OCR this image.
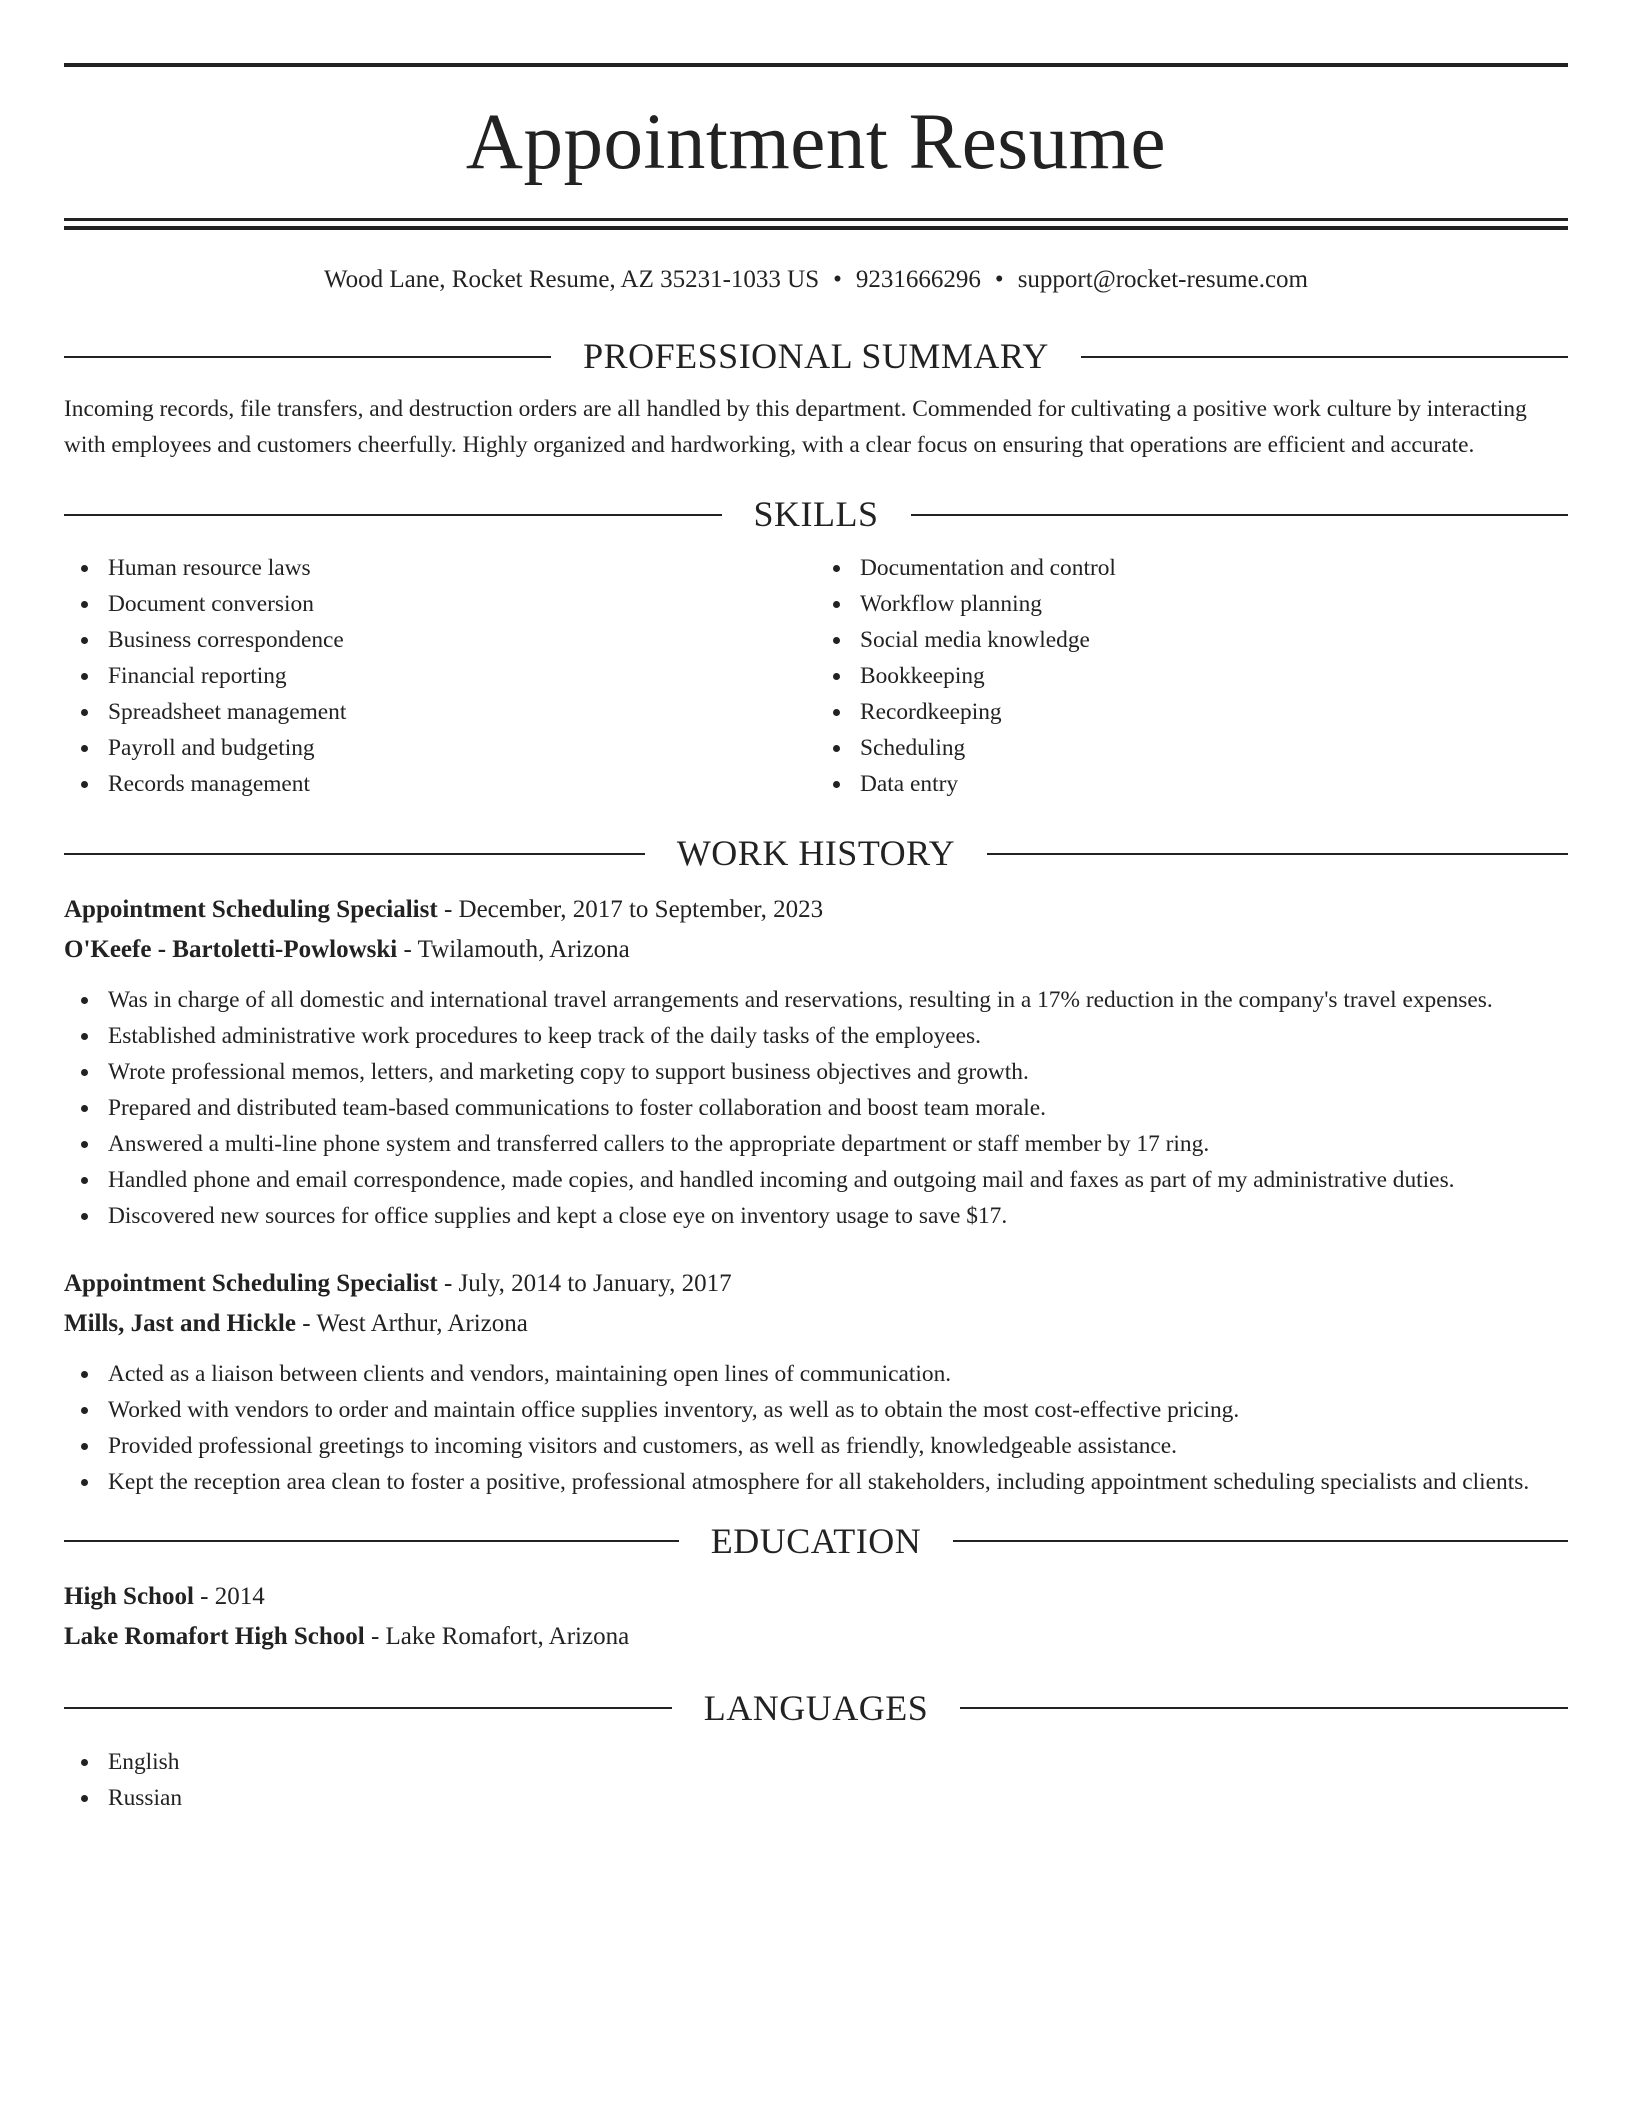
Appointment Resume
Wood Lane, Rocket Resume, AZ 35231-1033 US • 9231666296 • support@rocket-resume.com
PROFESSIONAL SUMMARY
Incoming records, file transfers, and destruction orders are all handled by this department. Commended for cultivating a positive work culture by interacting with employees and customers cheerfully. Highly organized and hardworking, with a clear focus on ensuring that operations are efficient and accurate.
SKILLS
Human resource laws
Document conversion
Business correspondence
Financial reporting
Spreadsheet management
Payroll and budgeting
Records management
Documentation and control
Workflow planning
Social media knowledge
Bookkeeping
Recordkeeping
Scheduling
Data entry
WORK HISTORY
Appointment Scheduling Specialist - December, 2017 to September, 2023
O'Keefe - Bartoletti-Powlowski - Twilamouth, Arizona
Was in charge of all domestic and international travel arrangements and reservations, resulting in a 17% reduction in the company's travel expenses.
Established administrative work procedures to keep track of the daily tasks of the employees.
Wrote professional memos, letters, and marketing copy to support business objectives and growth.
Prepared and distributed team-based communications to foster collaboration and boost team morale.
Answered a multi-line phone system and transferred callers to the appropriate department or staff member by 17 ring.
Handled phone and email correspondence, made copies, and handled incoming and outgoing mail and faxes as part of my administrative duties.
Discovered new sources for office supplies and kept a close eye on inventory usage to save $17.
Appointment Scheduling Specialist - July, 2014 to January, 2017
Mills, Jast and Hickle - West Arthur, Arizona
Acted as a liaison between clients and vendors, maintaining open lines of communication.
Worked with vendors to order and maintain office supplies inventory, as well as to obtain the most cost-effective pricing.
Provided professional greetings to incoming visitors and customers, as well as friendly, knowledgeable assistance.
Kept the reception area clean to foster a positive, professional atmosphere for all stakeholders, including appointment scheduling specialists and clients.
EDUCATION
High School - 2014
Lake Romafort High School - Lake Romafort, Arizona
LANGUAGES
English
Russian
